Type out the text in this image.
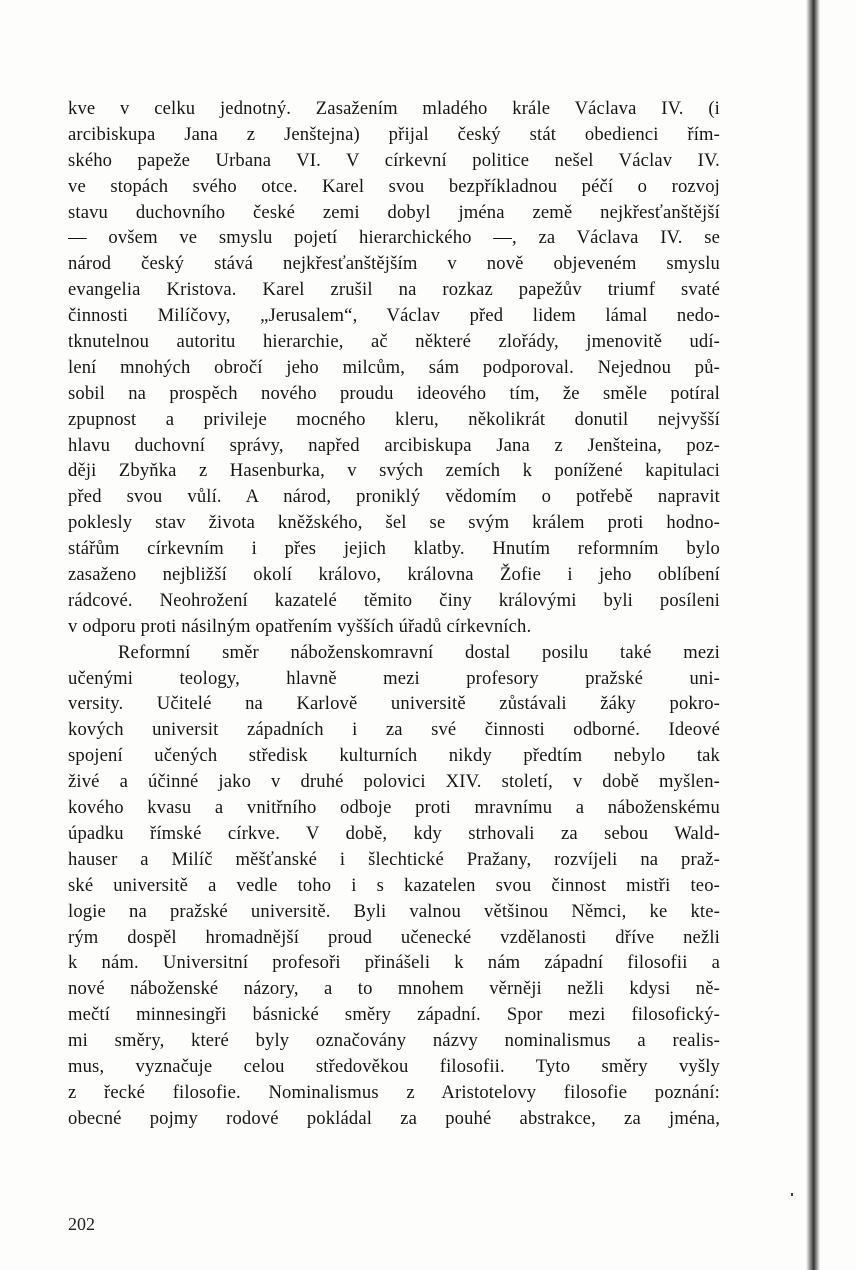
kve v celku jednotný. Zasažením mladého krále Václava IV. (i
arcibiskupa Jana z Jenštejna) přijal český stát obedienci řím-
ského papeže Urbana VI. V církevní politice nešel Václav IV.
ve stopách svého otce. Karel svou bezpříkladnou péčí o rozvoj
stavu duchovního české zemi dobyl jména země nejkřesťanštější
— ovšem ve smyslu pojetí hierarchického —, za Václava IV. se
národ český stává nejkřesťanštějším v nově objeveném smyslu
evangelia Kristova. Karel zrušil na rozkaz papežův triumf svaté
činnosti Milíčovy, „Jerusalem“, Václav před lidem lámal nedo-
tknutelnou autoritu hierarchie, ač některé zlořády, jmenovitě udí-
lení mnohých obročí jeho milcům, sám podporoval. Nejednou pů-
sobil na prospěch nového proudu ideového tím, že směle potíral
zpupnost a privileje mocného kleru, několikrát donutil nejvyšší
hlavu duchovní správy, napřed arcibiskupa Jana z Jenšteina, poz-
ději Zbyňka z Hasenburka, v svých zemích k ponížené kapitulaci
před svou vůlí. A národ, proniklý vědomím o potřebě napravit
poklesly stav života kněžského, šel se svým králem proti hodno-
stářům církevním i přes jejich klatby. Hnutím reformním bylo
zasaženo nejbližší okolí královo, královna Žofie i jeho oblíbení
rádcové. Neohrožení kazatelé těmito činy královými byli posíleni
v odporu proti násilným opatřením vyšších úřadů církevních.
Reformní směr náboženskomravní dostal posilu také mezi
učenými teology, hlavně mezi profesory pražské uni-
versity. Učitelé na Karlově universitě zůstávali žáky pokro-
kových universit západních i za své činnosti odborné. Ideové
spojení učených středisk kulturních nikdy předtím nebylo tak
živé a účinné jako v druhé polovici XIV. století, v době myšlen-
kového kvasu a vnitřního odboje proti mravnímu a náboženskému
úpadku římské církve. V době, kdy strhovali za sebou Wald-
hauser a Milíč měšťanské i šlechtické Pražany, rozvíjeli na praž-
ské universitě a vedle toho i s kazatelen svou činnost mistři teo-
logie na pražské universitě. Byli valnou většinou Němci, ke kte-
rým dospěl hromadnější proud učenecké vzdělanosti dříve nežli
k nám. Universitní profesoři přinášeli k nám západní filosofii a
nové náboženské názory, a to mnohem věrněji nežli kdysi ně-
mečtí minnesingři básnické směry západní. Spor mezi filosofický-
mi směry, které byly označovány názvy nominalismus a realis-
mus, vyznačuje celou středověkou filosofii. Tyto směry vyšly
z řecké filosofie. Nominalismus z Aristotelovy filosofie poznání:
obecné pojmy rodové pokládal za pouhé abstrakce, za jména,
202
